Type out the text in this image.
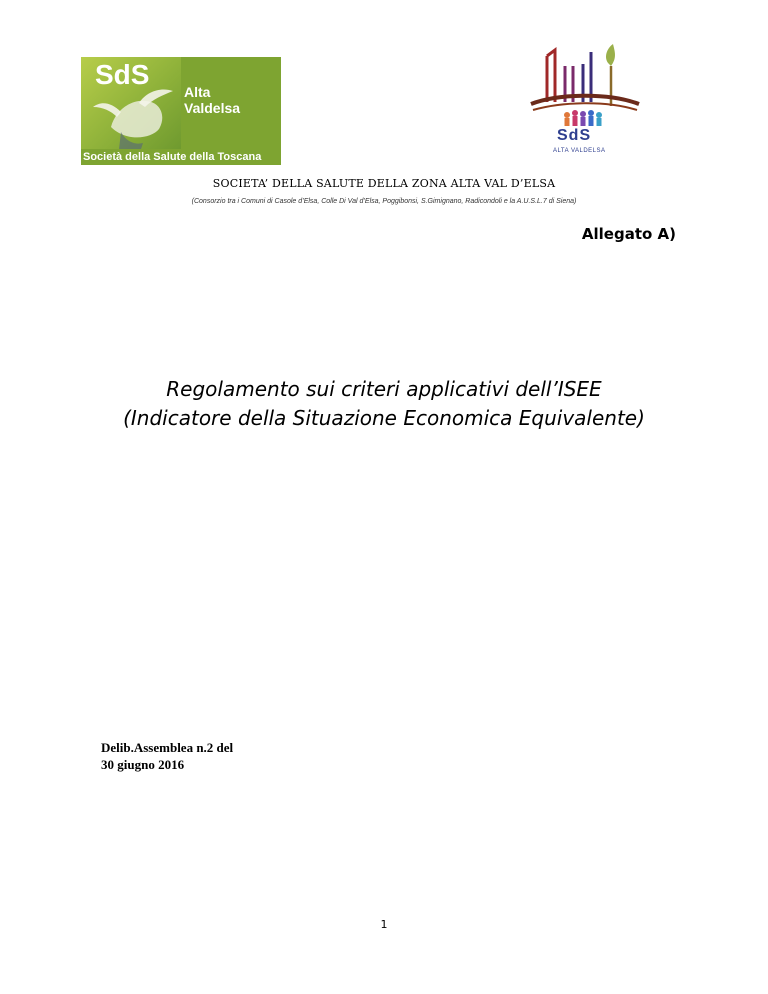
SdS
Alta
Valdelsa
Società della Salute della Toscana
SdS
ALTA VALDELSA
SOCIETA’ DELLA SALUTE DELLA ZONA ALTA VAL D’ELSA
(Consorzio tra i Comuni di Casole d’Elsa, Colle Di Val d’Elsa, Poggibonsi, S.Gimignano, Radicondoli e la A.U.S.L.7 di Siena)
Allegato A)
Regolamento sui criteri applicativi dell’ISEE
(Indicatore della Situazione Economica Equivalente)
Delib.Assemblea n.2 del
30 giugno 2016
1
